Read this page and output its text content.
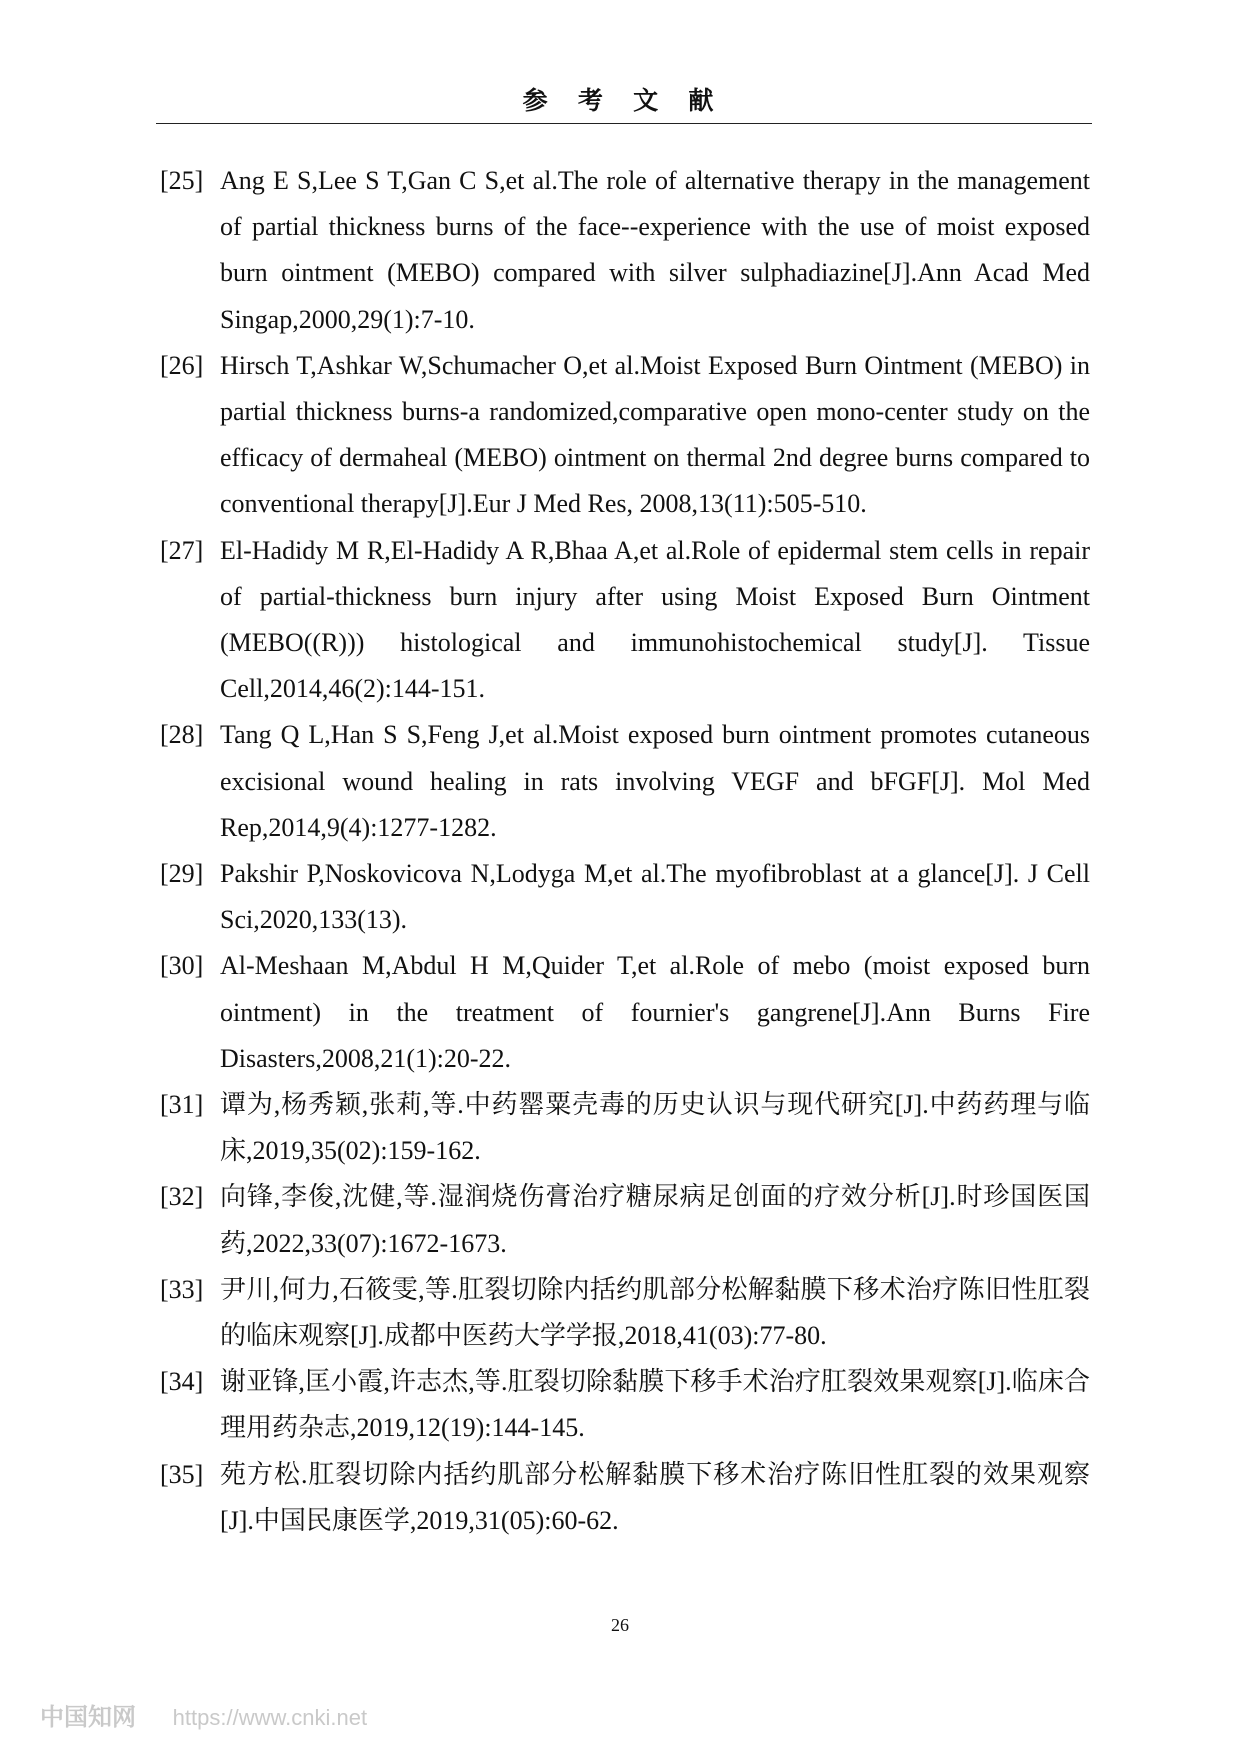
参 考 文 献
[25] Ang E S,Lee S T,Gan C S,et al.The role of alternative therapy in the management of partial thickness burns of the face--experience with the use of moist exposed burn ointment (MEBO) compared with silver sulphadiazine[J].Ann Acad Med Singap,2000,29(1):7-10.
[26] Hirsch T,Ashkar W,Schumacher O,et al.Moist Exposed Burn Ointment (MEBO) in partial thickness burns-a randomized,comparative open mono-center study on the efficacy of dermaheal (MEBO) ointment on thermal 2nd degree burns compared to conventional therapy[J].Eur J Med Res, 2008,13(11):505-510.
[27] El-Hadidy M R,El-Hadidy A R,Bhaa A,et al.Role of epidermal stem cells in repair of partial-thickness burn injury after using Moist Exposed Burn Ointment (MEBO((R))) histological and immunohistochemical study[J]. Tissue Cell,2014,46(2):144-151.
[28] Tang Q L,Han S S,Feng J,et al.Moist exposed burn ointment promotes cutaneous excisional wound healing in rats involving VEGF and bFGF[J]. Mol Med Rep,2014,9(4):1277-1282.
[29] Pakshir P,Noskovicova N,Lodyga M,et al.The myofibroblast at a glance[J]. J Cell Sci,2020,133(13).
[30] Al-Meshaan M,Abdul H M,Quider T,et al.Role of mebo (moist exposed burn ointment) in the treatment of fournier's gangrene[J].Ann Burns Fire Disasters,2008,21(1):20-22.
[31] 谭为,杨秀颖,张莉,等.中药罂粟壳毒的历史认识与现代研究[J].中药药理与临床,2019,35(02):159-162.
[32] 向锋,李俊,沈健,等.湿润烧伤膏治疗糖尿病足创面的疗效分析[J].时珍国医国药,2022,33(07):1672-1673.
[33] 尹川,何力,石筱雯,等.肛裂切除内括约肌部分松解黏膜下移术治疗陈旧性肛裂的临床观察[J].成都中医药大学学报,2018,41(03):77-80.
[34] 谢亚锋,匡小霞,许志杰,等.肛裂切除黏膜下移手术治疗肛裂效果观察[J].临床合理用药杂志,2019,12(19):144-145.
[35] 苑方松.肛裂切除内括约肌部分松解黏膜下移术治疗陈旧性肛裂的效果观察[J].中国民康医学,2019,31(05):60-62.
26
中国知网 https://www.cnki.net
